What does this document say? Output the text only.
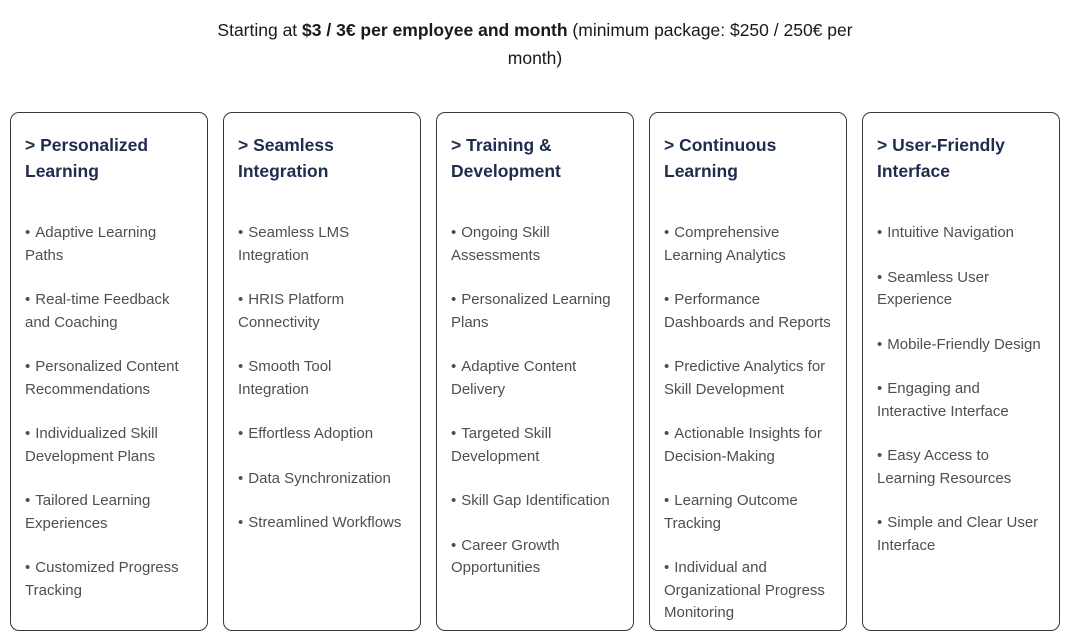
Starting at $3 / 3€ per employee and month (minimum package: $250 / 250€ per month)
> Personalized Learning
• Adaptive Learning Paths
• Real-time Feedback and Coaching
• Personalized Content Recommendations
• Individualized Skill Development Plans
• Tailored Learning Experiences
• Customized Progress Tracking
> Seamless Integration
• Seamless LMS Integration
• HRIS Platform Connectivity
• Smooth Tool Integration
• Effortless Adoption
• Data Synchronization
• Streamlined Workflows
> Training & Development
• Ongoing Skill Assessments
• Personalized Learning Plans
• Adaptive Content Delivery
• Targeted Skill Development
• Skill Gap Identification
• Career Growth Opportunities
> Continuous Learning
• Comprehensive Learning Analytics
• Performance Dashboards and Reports
• Predictive Analytics for Skill Development
• Actionable Insights for Decision-Making
• Learning Outcome Tracking
• Individual and Organizational Progress Monitoring
> User-Friendly Interface
• Intuitive Navigation
• Seamless User Experience
• Mobile-Friendly Design
• Engaging and Interactive Interface
• Easy Access to Learning Resources
• Simple and Clear User Interface
